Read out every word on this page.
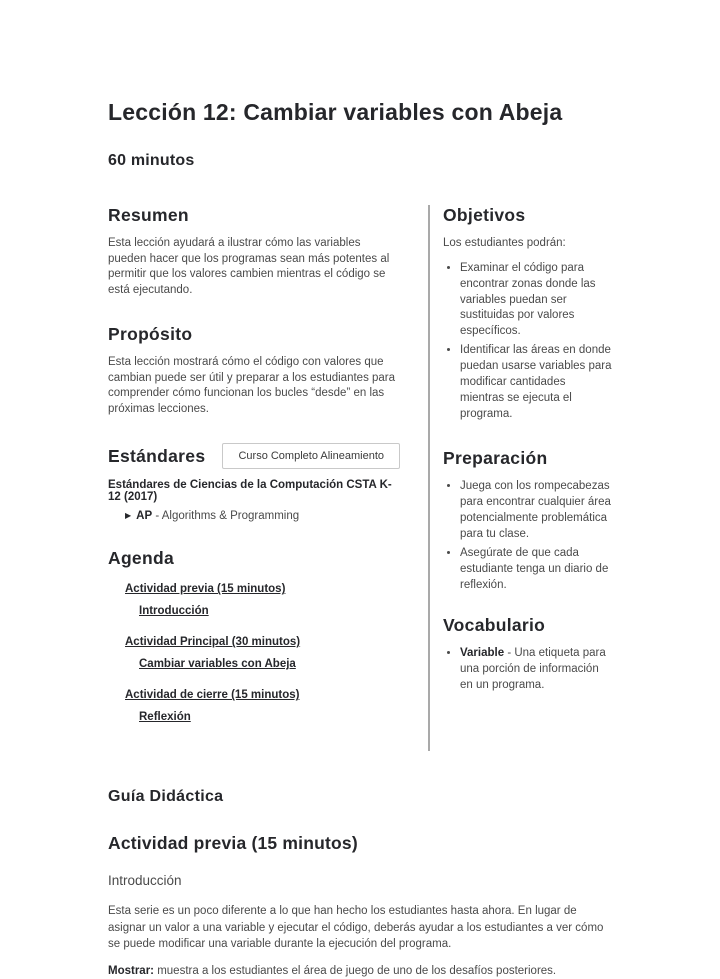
Lección 12: Cambiar variables con Abeja
60 minutos
Resumen

Esta lección ayudará a ilustrar cómo las variables pueden hacer que los programas sean más potentes al permitir que los valores cambien mientras el código se está ejecutando.

Propósito

Esta lección mostrará cómo el código con valores que cambian puede ser útil y preparar a los estudiantes para comprender cómo funcionan los bucles “desde” en las próximas lecciones.

Estándares	Curso Completo Alineamiento
Estándares de Ciencias de la Computación CSTA K-12 (2017)
▶ AP - Algorithms & Programming
Agenda
Actividad previa (15 minutos)
Introducción
Actividad Principal (30 minutos)
Cambiar variables con Abeja
Actividad de cierre (15 minutos)
Reflexión
Objetivos
Los estudiantes podrán:
• Examinar el código para encontrar zonas donde las variables puedan ser sustituidas por valores específicos.
• Identificar las áreas en donde puedan usarse variables para modificar cantidades mientras se ejecuta el programa.
Preparación
• Juega con los rompecabezas para encontrar cualquier área potencialmente problemática para tu clase.
• Asegúrate de que cada estudiante tenga un diario de reflexión.
Vocabulario
• Variable - Una etiqueta para una porción de información en un programa.
Guía Didáctica
Actividad previa (15 minutos)
Introducción

Esta serie es un poco diferente a lo que han hecho los estudiantes hasta ahora. En lugar de asignar un valor a una variable y ejecutar el código, deberás ayudar a los estudiantes a ver cómo se puede modificar una variable durante la ejecución del programa.

Mostrar: muestra a los estudiantes el área de juego de uno de los desafíos posteriores.
